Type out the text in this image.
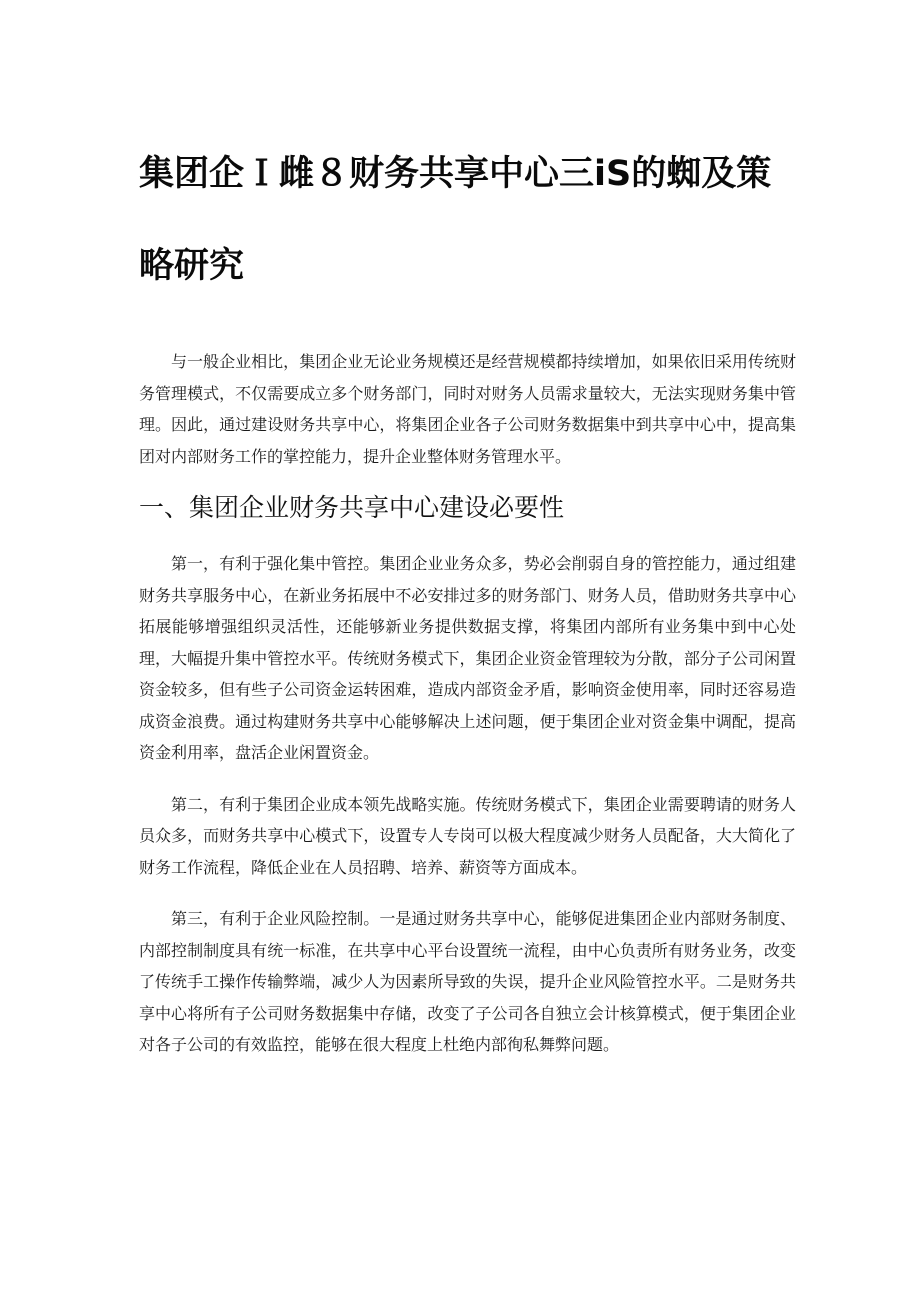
集团企Ｉ雌８财务共享中心三iS的蜘及策
略研究

与一般企业相比，集团企业无论业务规模还是经营规模都持续增加，如果依旧采用传统财务管理模式，不仅需要成立多个财务部门，同时对财务人员需求量较大，无法实现财务集中管理。因此，通过建设财务共享中心，将集团企业各子公司财务数据集中到共享中心中，提高集团对内部财务工作的掌控能力，提升企业整体财务管理水平。

一、集团企业财务共享中心建设必要性

第一，有利于强化集中管控。集团企业业务众多，势必会削弱自身的管控能力，通过组建财务共享服务中心，在新业务拓展中不必安排过多的财务部门、财务人员，借助财务共享中心拓展能够增强组织灵活性，还能够新业务提供数据支撑，将集团内部所有业务集中到中心处理，大幅提升集中管控水平。传统财务模式下，集团企业资金管理较为分散，部分子公司闲置资金较多，但有些子公司资金运转困难，造成内部资金矛盾，影响资金使用率，同时还容易造成资金浪费。通过构建财务共享中心能够解决上述问题，便于集团企业对资金集中调配，提高资金利用率，盘活企业闲置资金。

第二，有利于集团企业成本领先战略实施。传统财务模式下，集团企业需要聘请的财务人员众多，而财务共享中心模式下，设置专人专岗可以极大程度减少财务人员配备，大大简化了财务工作流程，降低企业在人员招聘、培养、薪资等方面成本。

第三，有利于企业风险控制。一是通过财务共享中心，能够促进集团企业内部财务制度、内部控制制度具有统一标准，在共享中心平台设置统一流程，由中心负责所有财务业务，改变了传统手工操作传输弊端，减少人为因素所导致的失误，提升企业风险管控水平。二是财务共享中心将所有子公司财务数据集中存储，改变了子公司各自独立会计核算模式，便于集团企业对各子公司的有效监控，能够在很大程度上杜绝内部徇私舞弊问题。
